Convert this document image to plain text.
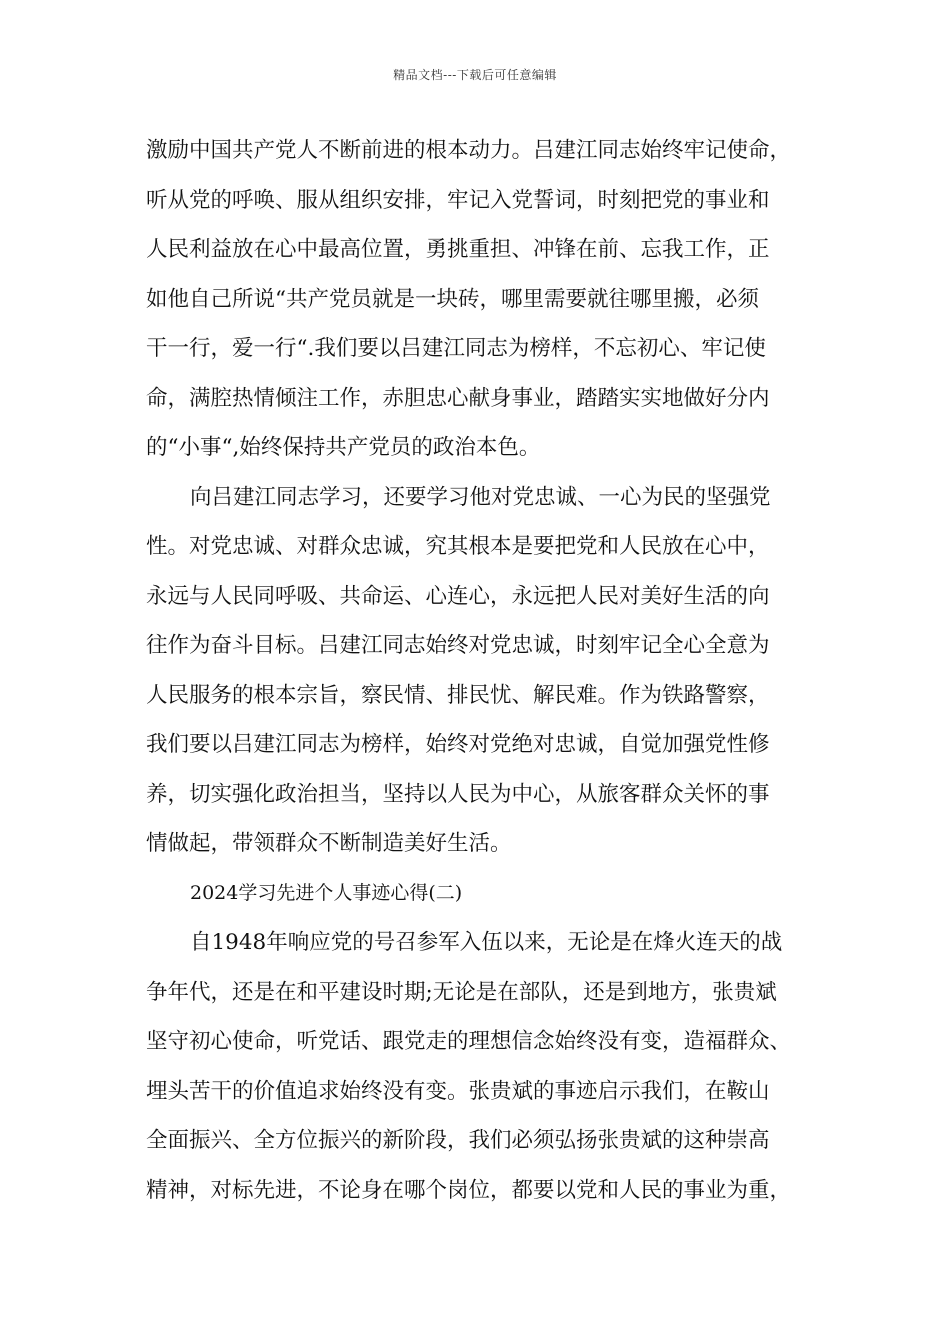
精品文档---下载后可任意编辑
激励中国共产党人不断前进的根本动力。吕建江同志始终牢记使命，
听从党的呼唤、服从组织安排，牢记入党誓词，时刻把党的事业和
人民利益放在心中最高位置，勇挑重担、冲锋在前、忘我工作，正
如他自己所说“共产党员就是一块砖，哪里需要就往哪里搬，必须
干一行，爱一行“.我们要以吕建江同志为榜样，不忘初心、牢记使
命，满腔热情倾注工作，赤胆忠心献身事业，踏踏实实地做好分内
的“小事“,始终保持共产党员的政治本色。
向吕建江同志学习，还要学习他对党忠诚、一心为民的坚强党
性。对党忠诚、对群众忠诚，究其根本是要把党和人民放在心中，
永远与人民同呼吸、共命运、心连心，永远把人民对美好生活的向
往作为奋斗目标。吕建江同志始终对党忠诚，时刻牢记全心全意为
人民服务的根本宗旨，察民情、排民忧、解民难。作为铁路警察，
我们要以吕建江同志为榜样，始终对党绝对忠诚，自觉加强党性修
养，切实强化政治担当，坚持以人民为中心，从旅客群众关怀的事
情做起，带领群众不断制造美好生活。
2024学习先进个人事迹心得(二)
自1948年响应党的号召参军入伍以来，无论是在烽火连天的战
争年代，还是在和平建设时期;无论是在部队，还是到地方，张贵斌
坚守初心使命，听党话、跟党走的理想信念始终没有变，造福群众、
埋头苦干的价值追求始终没有变。张贵斌的事迹启示我们，在鞍山
全面振兴、全方位振兴的新阶段，我们必须弘扬张贵斌的这种崇高
精神，对标先进，不论身在哪个岗位，都要以党和人民的事业为重，
